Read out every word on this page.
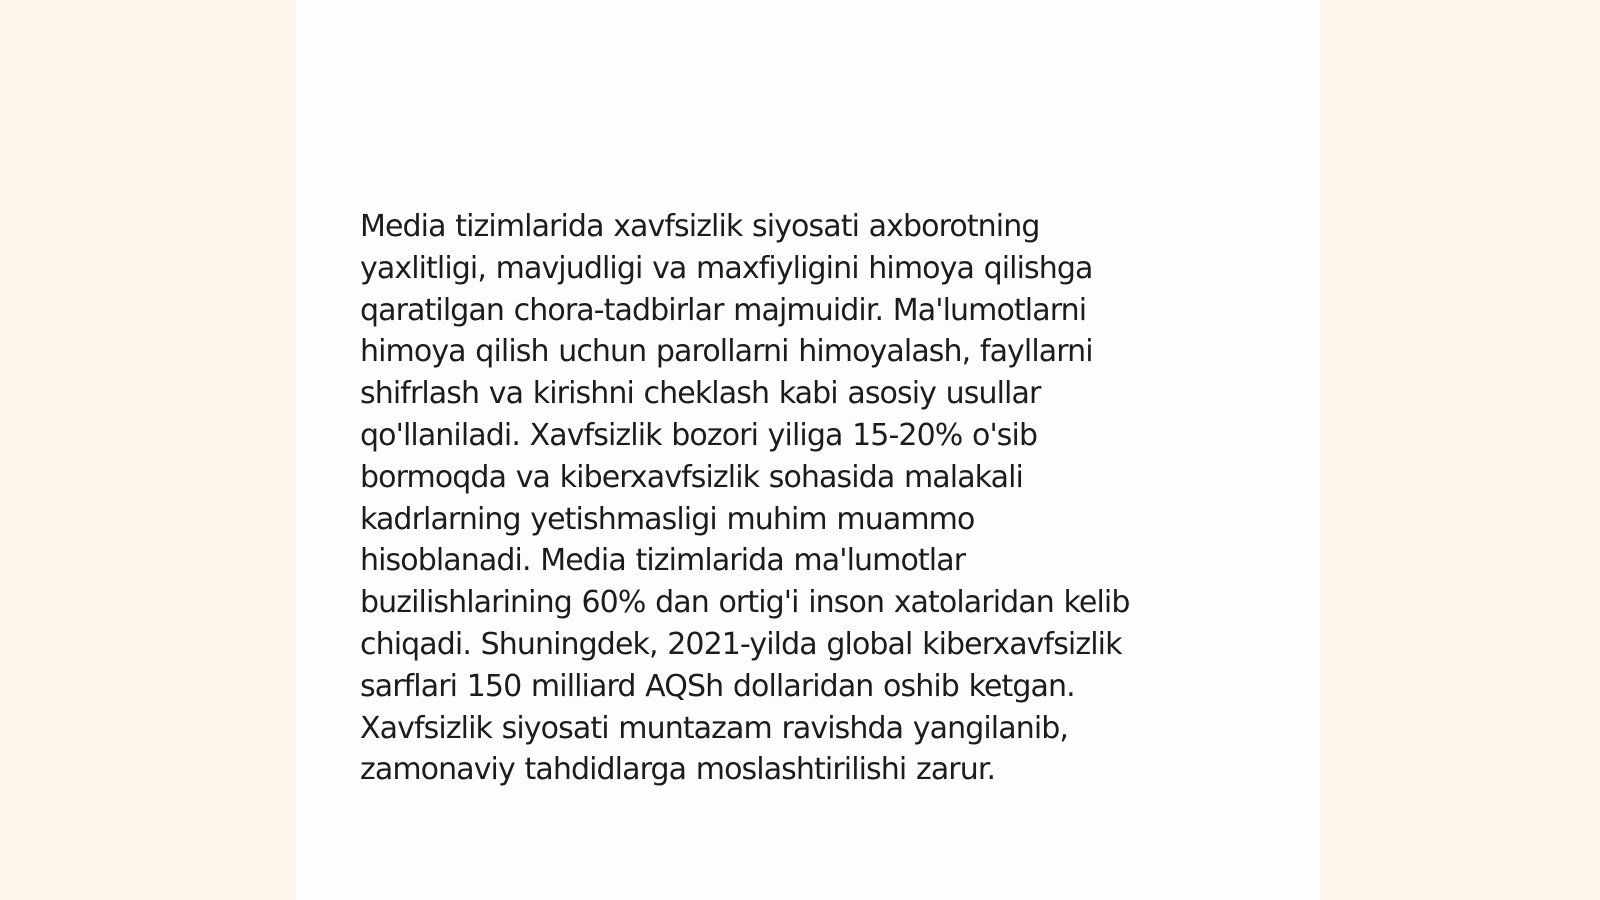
Media tizimlarida xavfsizlik siyosati axborotning
yaxlitligi, mavjudligi va maxfiyligini himoya qilishga
qaratilgan chora-tadbirlar majmuidir. Ma'lumotlarni
himoya qilish uchun parollarni himoyalash, fayllarni
shifrlash va kirishni cheklash kabi asosiy usullar
qo'llaniladi. Xavfsizlik bozori yiliga 15-20% o'sib
bormoqda va kiberxavfsizlik sohasida malakali
kadrlarning yetishmasligi muhim muammo
hisoblanadi. Media tizimlarida ma'lumotlar
buzilishlarining 60% dan ortig'i inson xatolaridan kelib
chiqadi. Shuningdek, 2021-yilda global kiberxavfsizlik
sarflari 150 milliard AQSh dollaridan oshib ketgan.
Xavfsizlik siyosati muntazam ravishda yangilanib,
zamonaviy tahdidlarga moslashtirilishi zarur.
